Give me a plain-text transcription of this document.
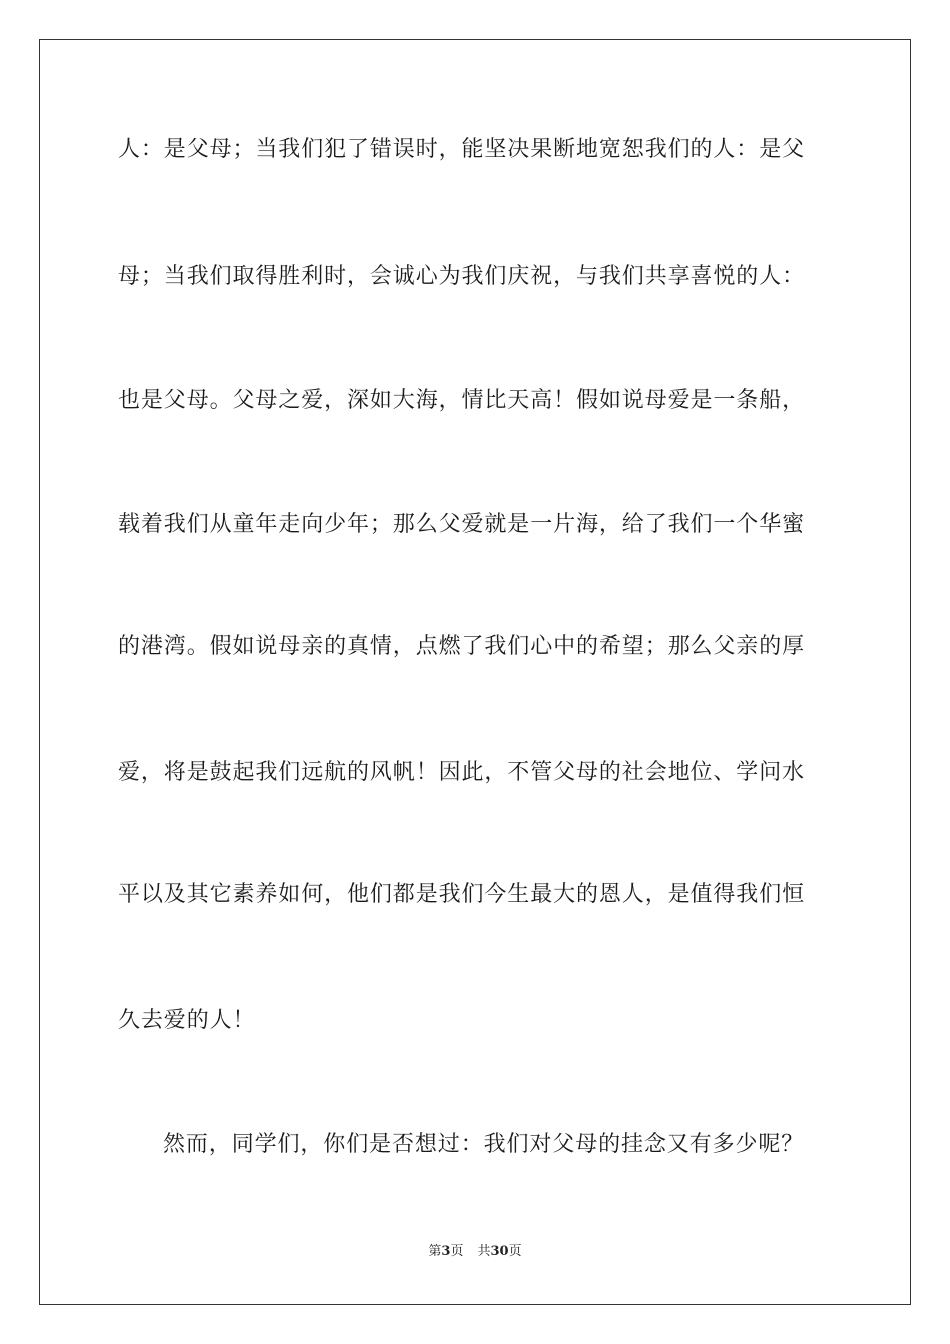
人：是父母；当我们犯了错误时，能坚决果断地宽恕我们的人：是父
母；当我们取得胜利时，会诚心为我们庆祝，与我们共享喜悦的人：
也是父母。父母之爱，深如大海，情比天高！假如说母爱是一条船，
载着我们从童年走向少年；那么父爱就是一片海，给了我们一个华蜜
的港湾。假如说母亲的真情，点燃了我们心中的希望；那么父亲的厚
爱，将是鼓起我们远航的风帆！因此，不管父母的社会地位、学问水
平以及其它素养如何，他们都是我们今生最大的恩人，是值得我们恒
久去爱的人！
然而，同学们，你们是否想过：我们对父母的挂念又有多少呢？
第3页 共30页
